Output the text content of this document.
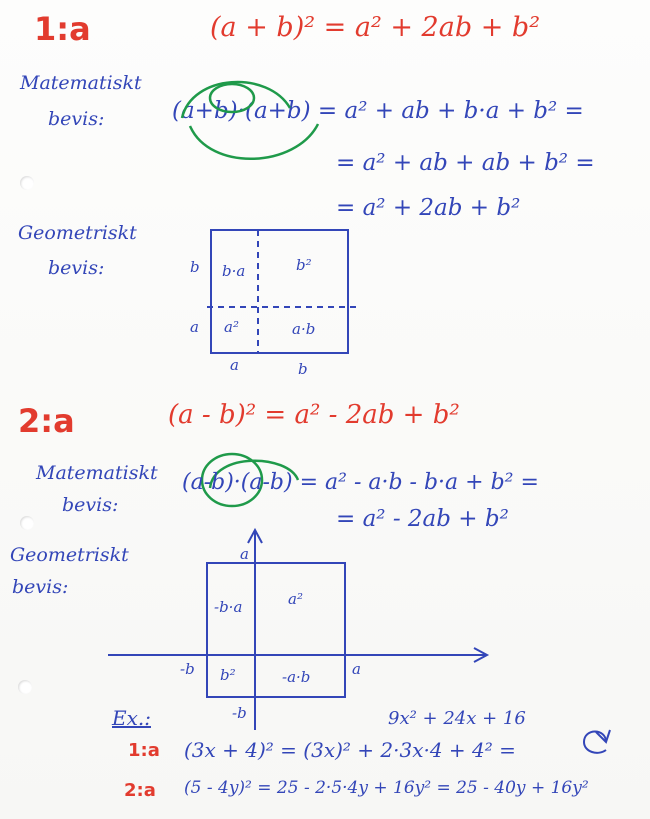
1:a	(a + b)² = a² + 2ab + b²
Matematiskt
bevis:	(a+b)·(a+b) = a² + ab + b·a + b² =
= a² + ab + ab + b² =
= a² + 2ab + b²
Geometriskt
bevis:	b·a	b²
a²	a·b
b
a
a	b
2:a	(a - b)² = a² - 2ab + b²
Matematiskt
bevis:
(a-b)·(a-b) = a² - a·b - b·a + b² =
= a² - 2ab + b²
Geometriskt
bevis:
-b·a	a²
b²	-a·b
a
-b	a
-b
Ex.:	9x² + 24x + 16
1:a (3x + 4)² = (3x)² + 2·3x·4 + 4² =
2:a (5 - 4y)² = 25 - 2·5·4y + 16y² = 25 - 40y + 16y²
